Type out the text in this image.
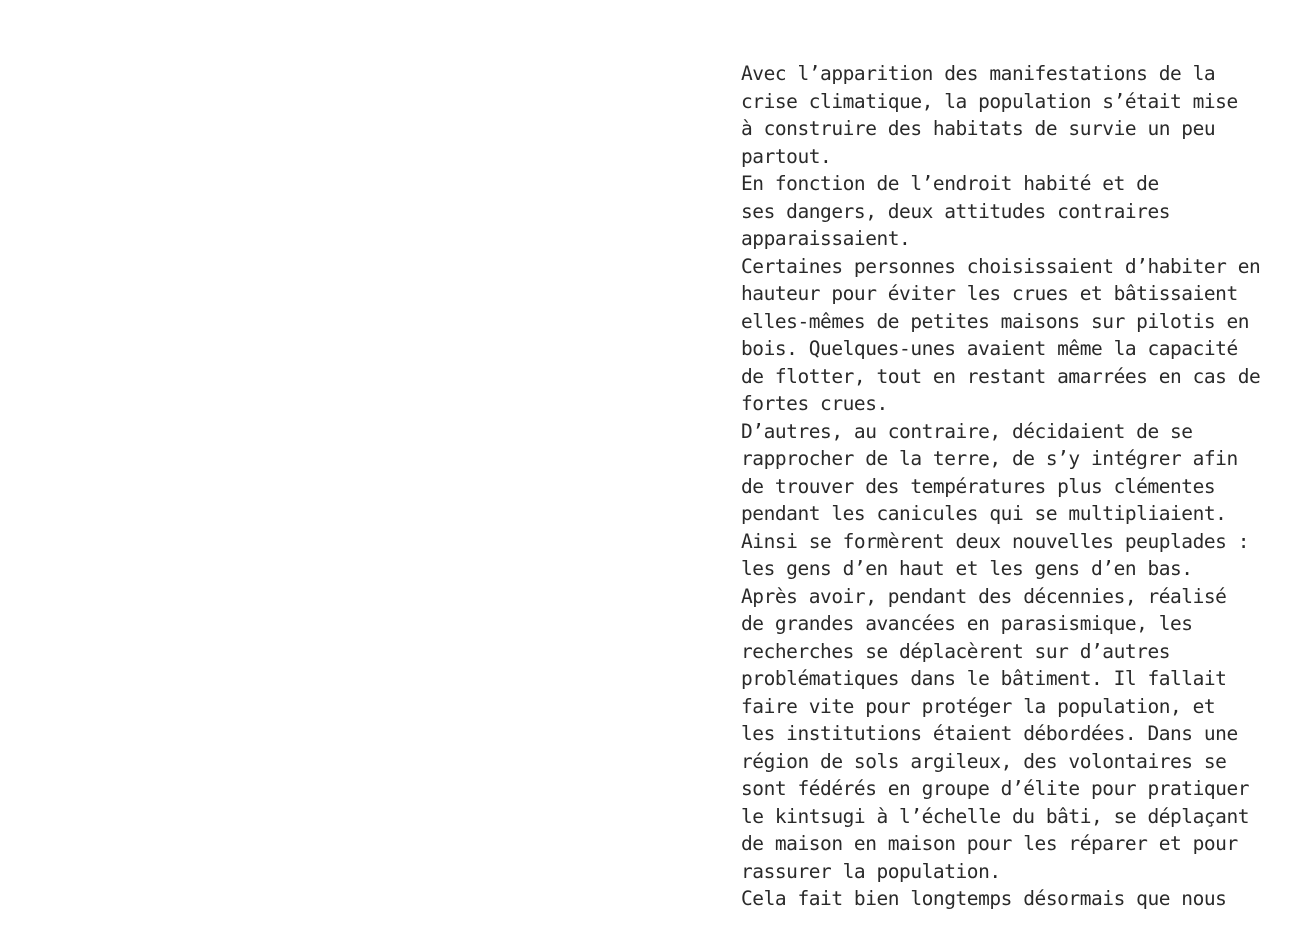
Avec l’apparition des manifestations de la
crise climatique, la population s’était mise
à construire des habitats de survie un peu
partout.
En fonction de l’endroit habité et de
ses dangers, deux attitudes contraires
apparaissaient.
Certaines personnes choisissaient d’habiter en
hauteur pour éviter les crues et bâtissaient
elles-mêmes de petites maisons sur pilotis en
bois. Quelques-unes avaient même la capacité
de flotter, tout en restant amarrées en cas de
fortes crues.
D’autres, au contraire, décidaient de se
rapprocher de la terre, de s’y intégrer afin
de trouver des températures plus clémentes
pendant les canicules qui se multipliaient.
Ainsi se formèrent deux nouvelles peuplades :
les gens d’en haut et les gens d’en bas.
Après avoir, pendant des décennies, réalisé
de grandes avancées en parasismique, les
recherches se déplacèrent sur d’autres
problématiques dans le bâtiment. Il fallait
faire vite pour protéger la population, et
les institutions étaient débordées. Dans une
région de sols argileux, des volontaires se
sont fédérés en groupe d’élite pour pratiquer
le kintsugi à l’échelle du bâti, se déplaçant
de maison en maison pour les réparer et pour
rassurer la population.
Cela fait bien longtemps désormais que nous
